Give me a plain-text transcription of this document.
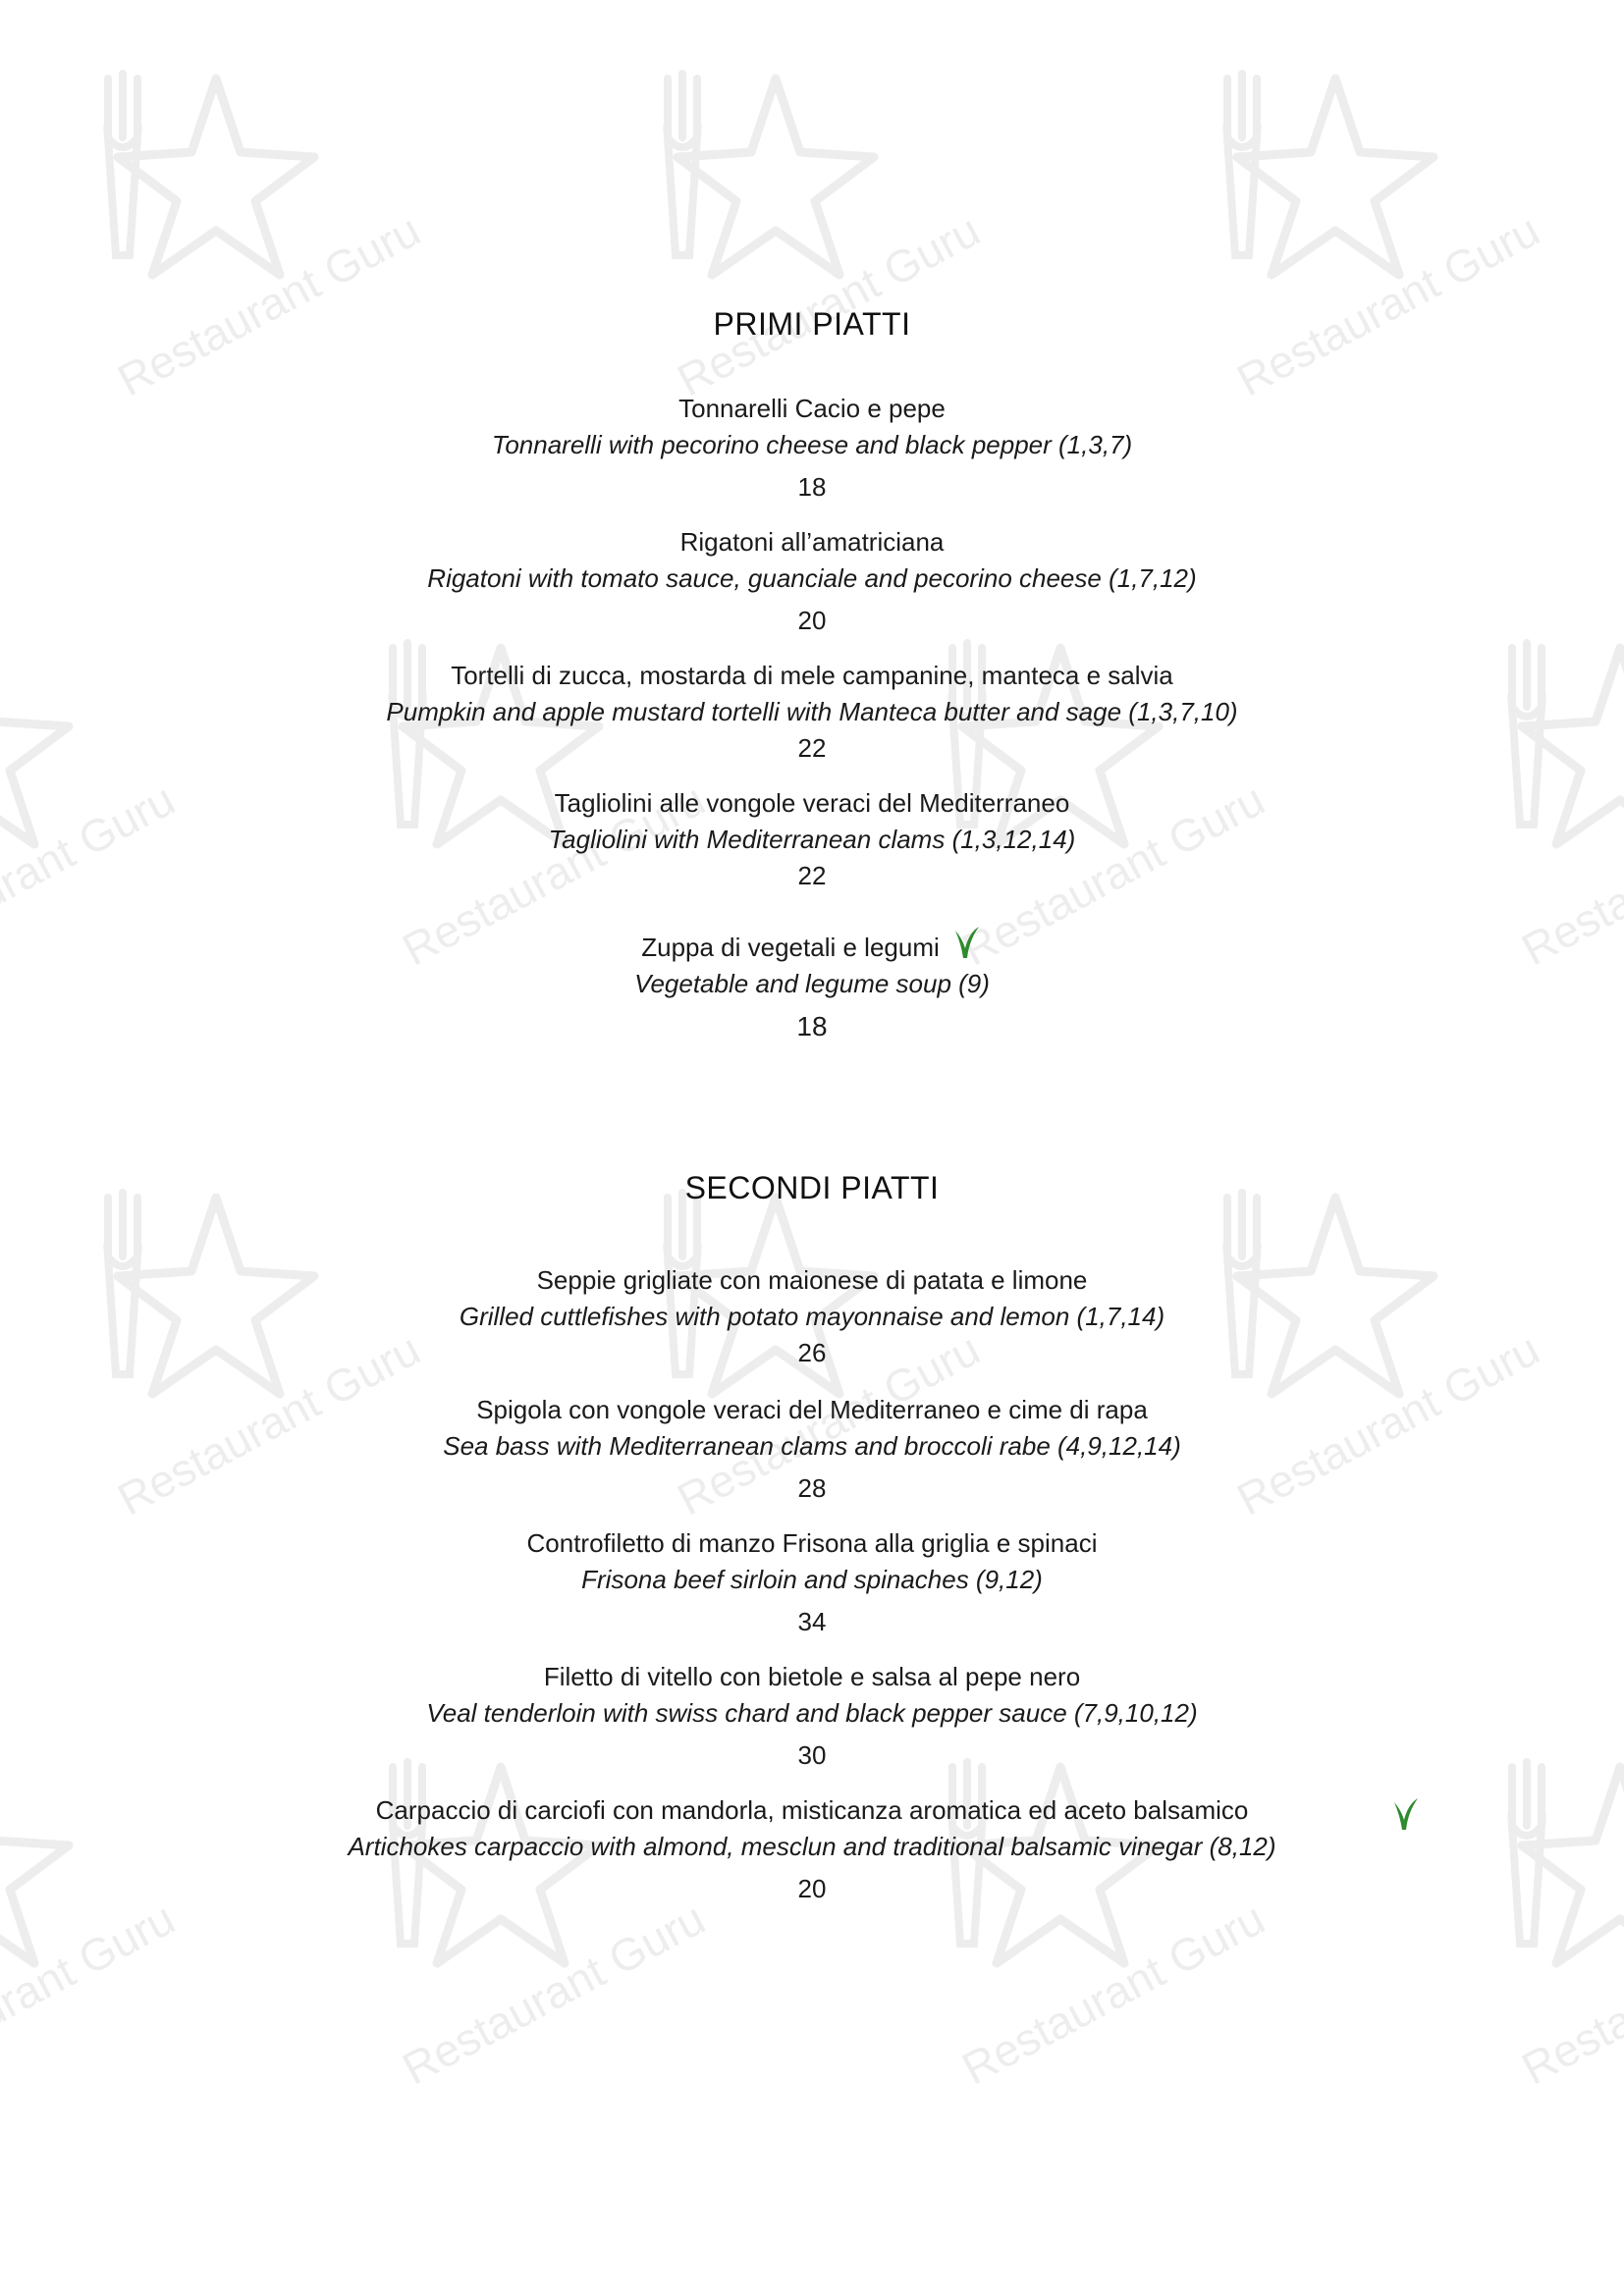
Restaurant Guru	PRIMI PIATTI
Tonnarelli Cacio e pepe
Tonnarelli with pecorino cheese and black pepper (1,3,7)
18
Rigatoni all’amatriciana
Rigatoni with tomato sauce, guanciale and pecorino cheese (1,7,12)
20
Tortelli di zucca, mostarda di mele campanine, manteca e salvia
Pumpkin and apple mustard tortelli with Manteca butter and sage (1,3,7,10)
22
Tagliolini alle vongole veraci del Mediterraneo
Tagliolini with Mediterranean clams (1,3,12,14)
22
Zuppa di vegetali e legumi
Vegetable and legume soup (9)
18
SECONDI PIATTI
Seppie grigliate con maionese di patata e limone
Grilled cuttlefishes with potato mayonnaise and lemon (1,7,14)
26
Spigola con vongole veraci del Mediterraneo e cime di rapa
Sea bass with Mediterranean clams and broccoli rabe (4,9,12,14)
28
Controfiletto di manzo Frisona alla griglia e spinaci
Frisona beef sirloin and spinaches (9,12)
34
Filetto di vitello con bietole e salsa al pepe nero
Veal tenderloin with swiss chard and black pepper sauce (7,9,10,12)
30
Carpaccio di carciofi con mandorla, misticanza aromatica ed aceto balsamico
Artichokes carpaccio with almond, mesclun and traditional balsamic vinegar (8,12)
20
